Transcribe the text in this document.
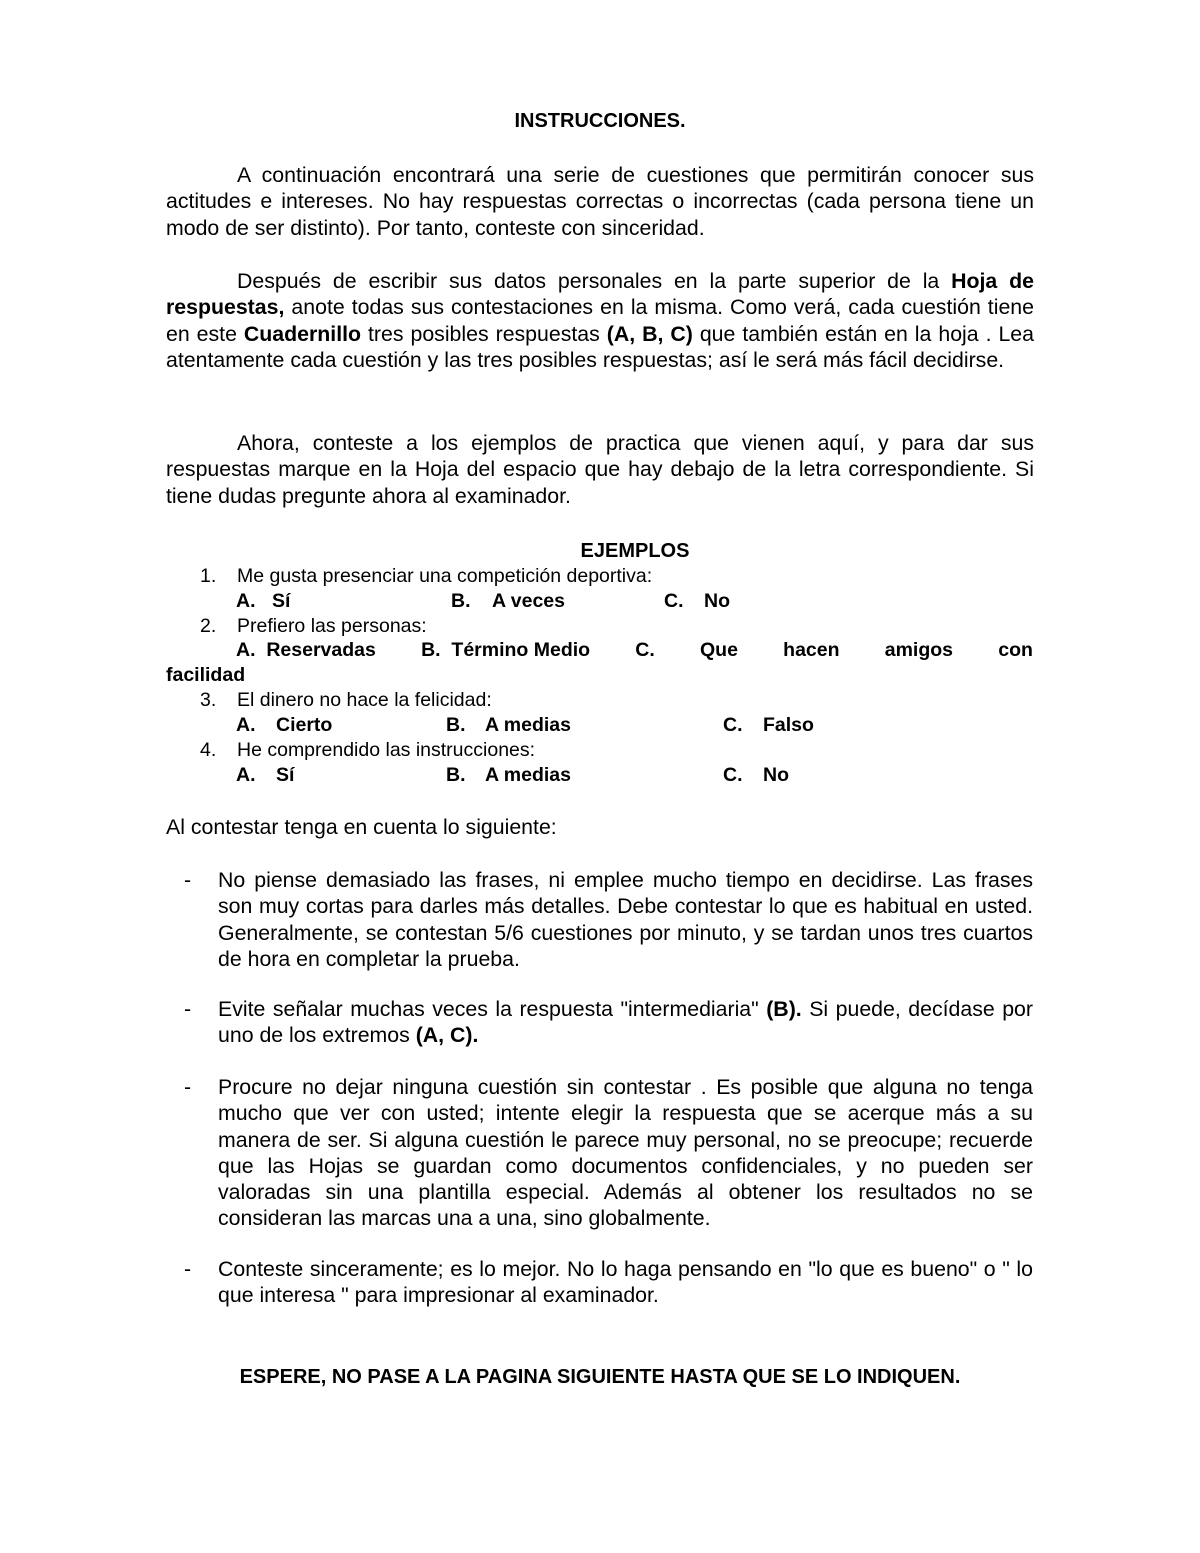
INSTRUCCIONES.
A continuación encontrará una serie de cuestiones que permitirán conocer sus actitudes e intereses. No hay respuestas correctas o incorrectas (cada persona tiene un modo de ser distinto). Por tanto, conteste con sinceridad.
Después de escribir sus datos personales en la parte superior de la Hoja de respuestas, anote todas sus contestaciones en la misma. Como verá, cada cuestión tiene en este Cuadernillo tres posibles respuestas (A, B, C) que también están en la hoja . Lea atentamente cada cuestión y las tres posibles respuestas; así le será más fácil decidirse.
Ahora, conteste a los ejemplos de practica que vienen aquí, y para dar sus respuestas marque en la Hoja del espacio que hay debajo de la letra correspondiente. Si tiene dudas pregunte ahora al examinador.
EJEMPLOS
1. Me gusta presenciar una competición deportiva:
A. Sí	B. A veces	C. No
2. Prefiero las personas:
A. Reservadas B. Término Medio C. Que hacen amigos con
facilidad
3. El dinero no hace la felicidad:
A. Cierto	B. A medias	C. Falso
4. He comprendido las instrucciones:
A. Sí	B. A medias	C. No
Al contestar tenga en cuenta lo siguiente:
- No piense demasiado las frases, ni emplee mucho tiempo en decidirse. Las frases son muy cortas para darles más detalles. Debe contestar lo que es habitual en usted. Generalmente, se contestan 5/6 cuestiones por minuto, y se tardan unos tres cuartos de hora en completar la prueba.
- Evite señalar muchas veces la respuesta "intermediaria" (B). Si puede, decídase por uno de los extremos (A, C).
- Procure no dejar ninguna cuestión sin contestar . Es posible que alguna no tenga mucho que ver con usted; intente elegir la respuesta que se acerque más a su manera de ser. Si alguna cuestión le parece muy personal, no se preocupe; recuerde que las Hojas se guardan como documentos confidenciales, y no pueden ser valoradas sin una plantilla especial. Además al obtener los resultados no se consideran las marcas una a una, sino globalmente.
- Conteste sinceramente; es lo mejor. No lo haga pensando en "lo que es bueno" o " lo que interesa " para impresionar al examinador.
ESPERE, NO PASE A LA PAGINA SIGUIENTE HASTA QUE SE LO INDIQUEN.
